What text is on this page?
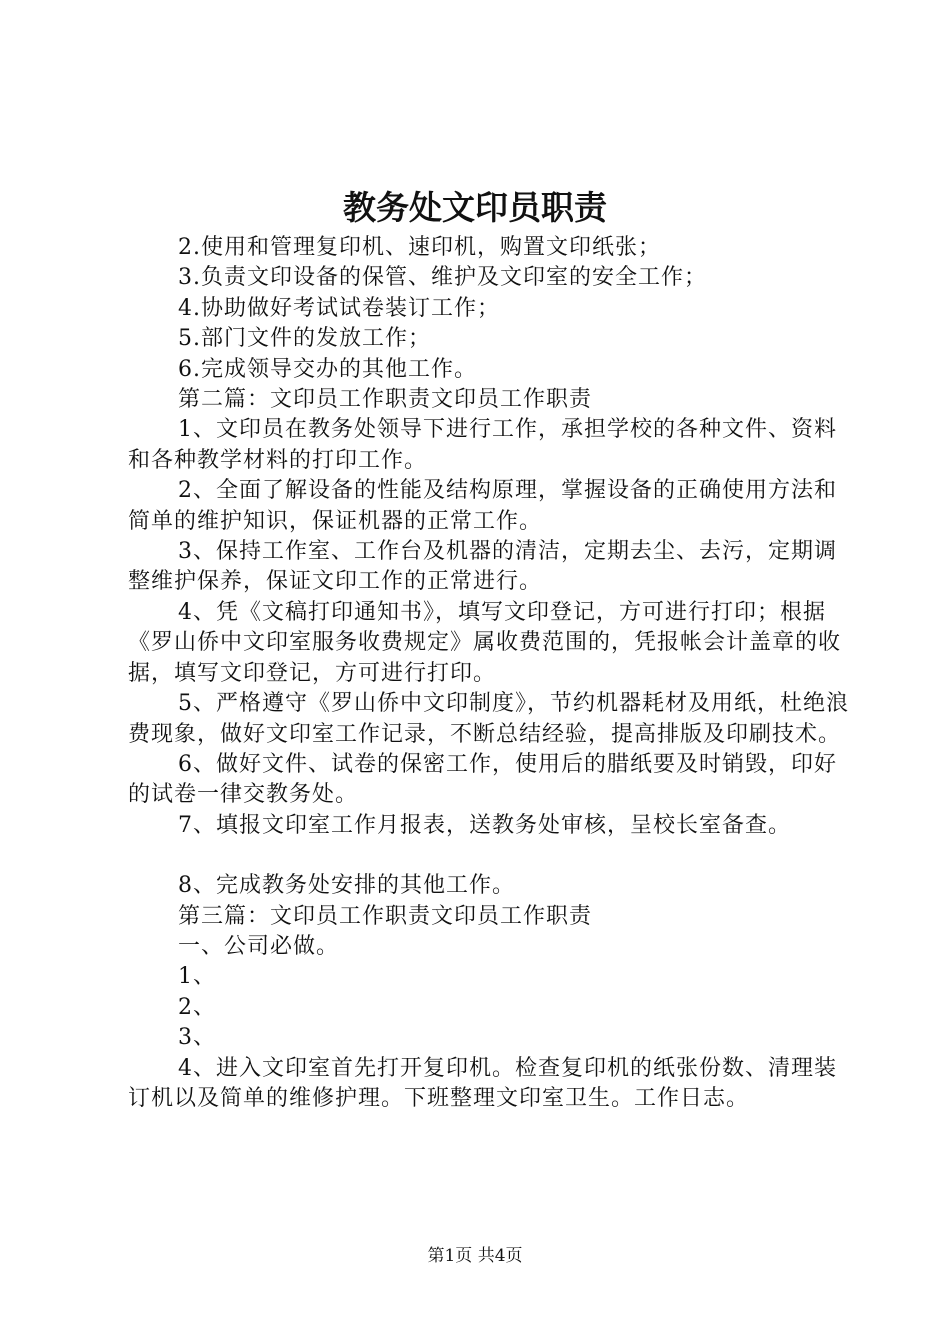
教务处文印员职责

2.使用和管理复印机、速印机，购置文印纸张；

3.负责文印设备的保管、维护及文印室的安全工作；

4.协助做好考试试卷装订工作；

5.部门文件的发放工作；

6.完成领导交办的其他工作。

第二篇：文印员工作职责文印员工作职责

1、文印员在教务处领导下进行工作，承担学校的各种文件、资料和各种教学材料的打印工作。

2、全面了解设备的性能及结构原理，掌握设备的正确使用方法和简单的维护知识，保证机器的正常工作。

3、保持工作室、工作台及机器的清洁，定期去尘、去污，定期调整维护保养，保证文印工作的正常进行。

4、凭《文稿打印通知书》，填写文印登记，方可进行打印；根据《罗山侨中文印室服务收费规定》属收费范围的，凭报帐会计盖章的收据，填写文印登记，方可进行打印。

5、严格遵守《罗山侨中文印制度》，节约机器耗材及用纸，杜绝浪费现象，做好文印室工作记录，不断总结经验，提高排版及印刷技术。

6、做好文件、试卷的保密工作，使用后的腊纸要及时销毁，印好的试卷一律交教务处。

7、填报文印室工作月报表，送教务处审核，呈校长室备查。

8、完成教务处安排的其他工作。

第三篇：文印员工作职责文印员工作职责

一、公司必做。

1、

2、

3、

4、进入文印室首先打开复印机。检查复印机的纸张份数、清理装订机以及简单的维修护理。下班整理文印室卫生。工作日志。

第1页 共4页
